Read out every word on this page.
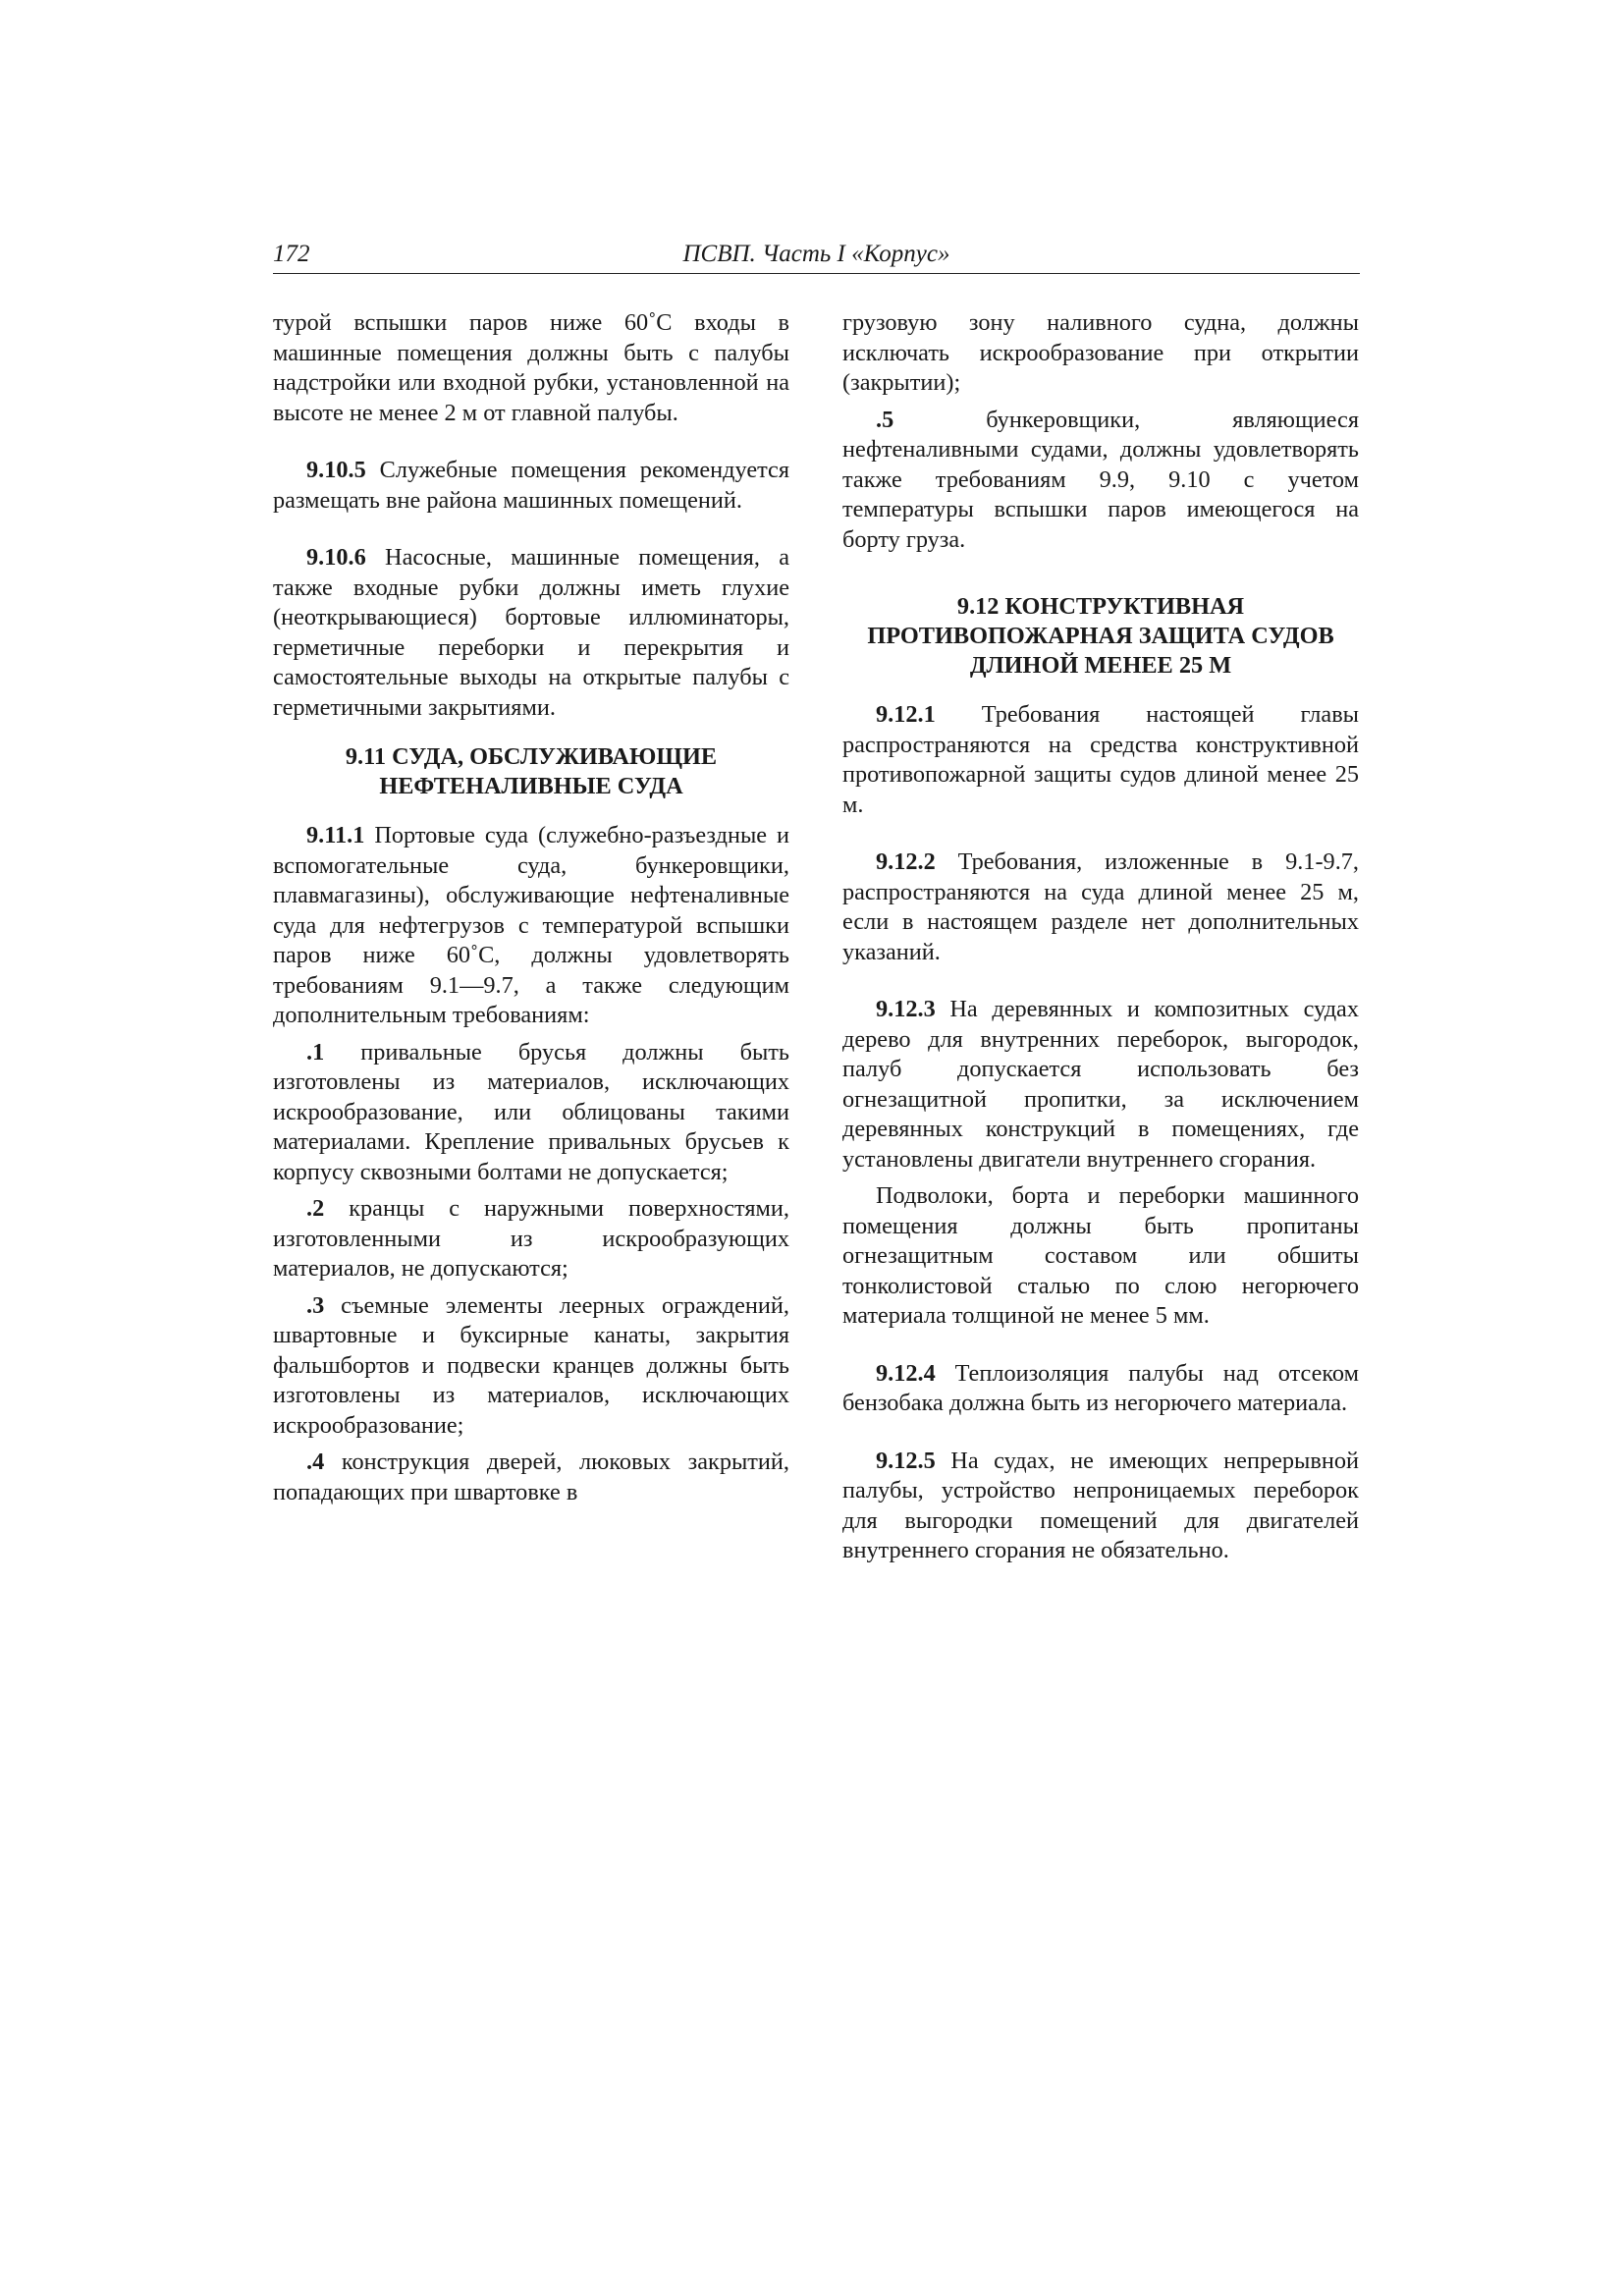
172	ПСВП. Часть I «Корпус»

турой вспышки паров ниже 60˚С входы в машинные помещения должны быть с палубы надстройки или входной рубки, установленной на высоте не менее 2 м от главной палубы.

9.10.5 Служебные помещения рекомендуется размещать вне района машинных помещений.

9.10.6 Насосные, машинные помещения, а также входные рубки должны иметь глухие (неоткрывающиеся) бортовые иллюминаторы, герметичные переборки и перекрытия и самостоятельные выходы на открытые палубы с герметичными закрытиями.

9.11 СУДА, ОБСЛУЖИВАЮЩИЕ
НЕФТЕНАЛИВНЫЕ СУДА

9.11.1 Портовые суда (служебно-разъездные и вспомогательные суда, бункеровщики, плавмагазины), обслуживающие нефтеналивные суда для нефтегрузов с температурой вспышки паров ниже 60˚С, должны удовлетворять требованиям 9.1—9.7, а также следующим дополнительным требованиям:

.1 привальные брусья должны быть изготовлены из материалов, исключающих искрообразование, или облицованы такими материалами. Крепление привальных брусьев к корпусу сквозными болтами не допускается;

.2 кранцы с наружными поверхностями, изготовленными из искрообразующих материалов, не допускаются;

.3 съемные элементы леерных ограждений, швартовные и буксирные канаты, закрытия фальшбортов и подвески кранцев должны быть изготовлены из материалов, исключающих искрообразование;

.4 конструкция дверей, люковых закрытий, попадающих при швартовке в

грузовую зону наливного судна, должны исключать искрообразование при открытии (закрытии);

.5 бункеровщики, являющиеся нефтеналивными судами, должны удовлетворять также требованиям 9.9, 9.10 с учетом температуры вспышки паров имеющегося на борту груза.

9.12 КОНСТРУКТИВНАЯ
ПРОТИВОПОЖАРНАЯ ЗАЩИТА СУДОВ
ДЛИНОЙ МЕНЕЕ 25 М

9.12.1 Требования настоящей главы распространяются на средства конструктивной противопожарной защиты судов длиной менее 25 м.

9.12.2 Требования, изложенные в 9.1-9.7, распространяются на суда длиной менее 25 м, если в настоящем разделе нет дополнительных указаний.

9.12.3 На деревянных и композитных судах дерево для внутренних переборок, выгородок, палуб допускается использовать без огнезащитной пропитки, за исключением деревянных конструкций в помещениях, где установлены двигатели внутреннего сгорания.

Подволоки, борта и переборки машинного помещения должны быть пропитаны огнезащитным составом или обшиты тонколистовой сталью по слою негорючего материала толщиной не менее 5 мм.

9.12.4 Теплоизоляция палубы над отсеком бензобака должна быть из негорючего материала.

9.12.5 На судах, не имеющих непрерывной палубы, устройство непроницаемых переборок для выгородки помещений для двигателей внутреннего сгорания не обязательно.
